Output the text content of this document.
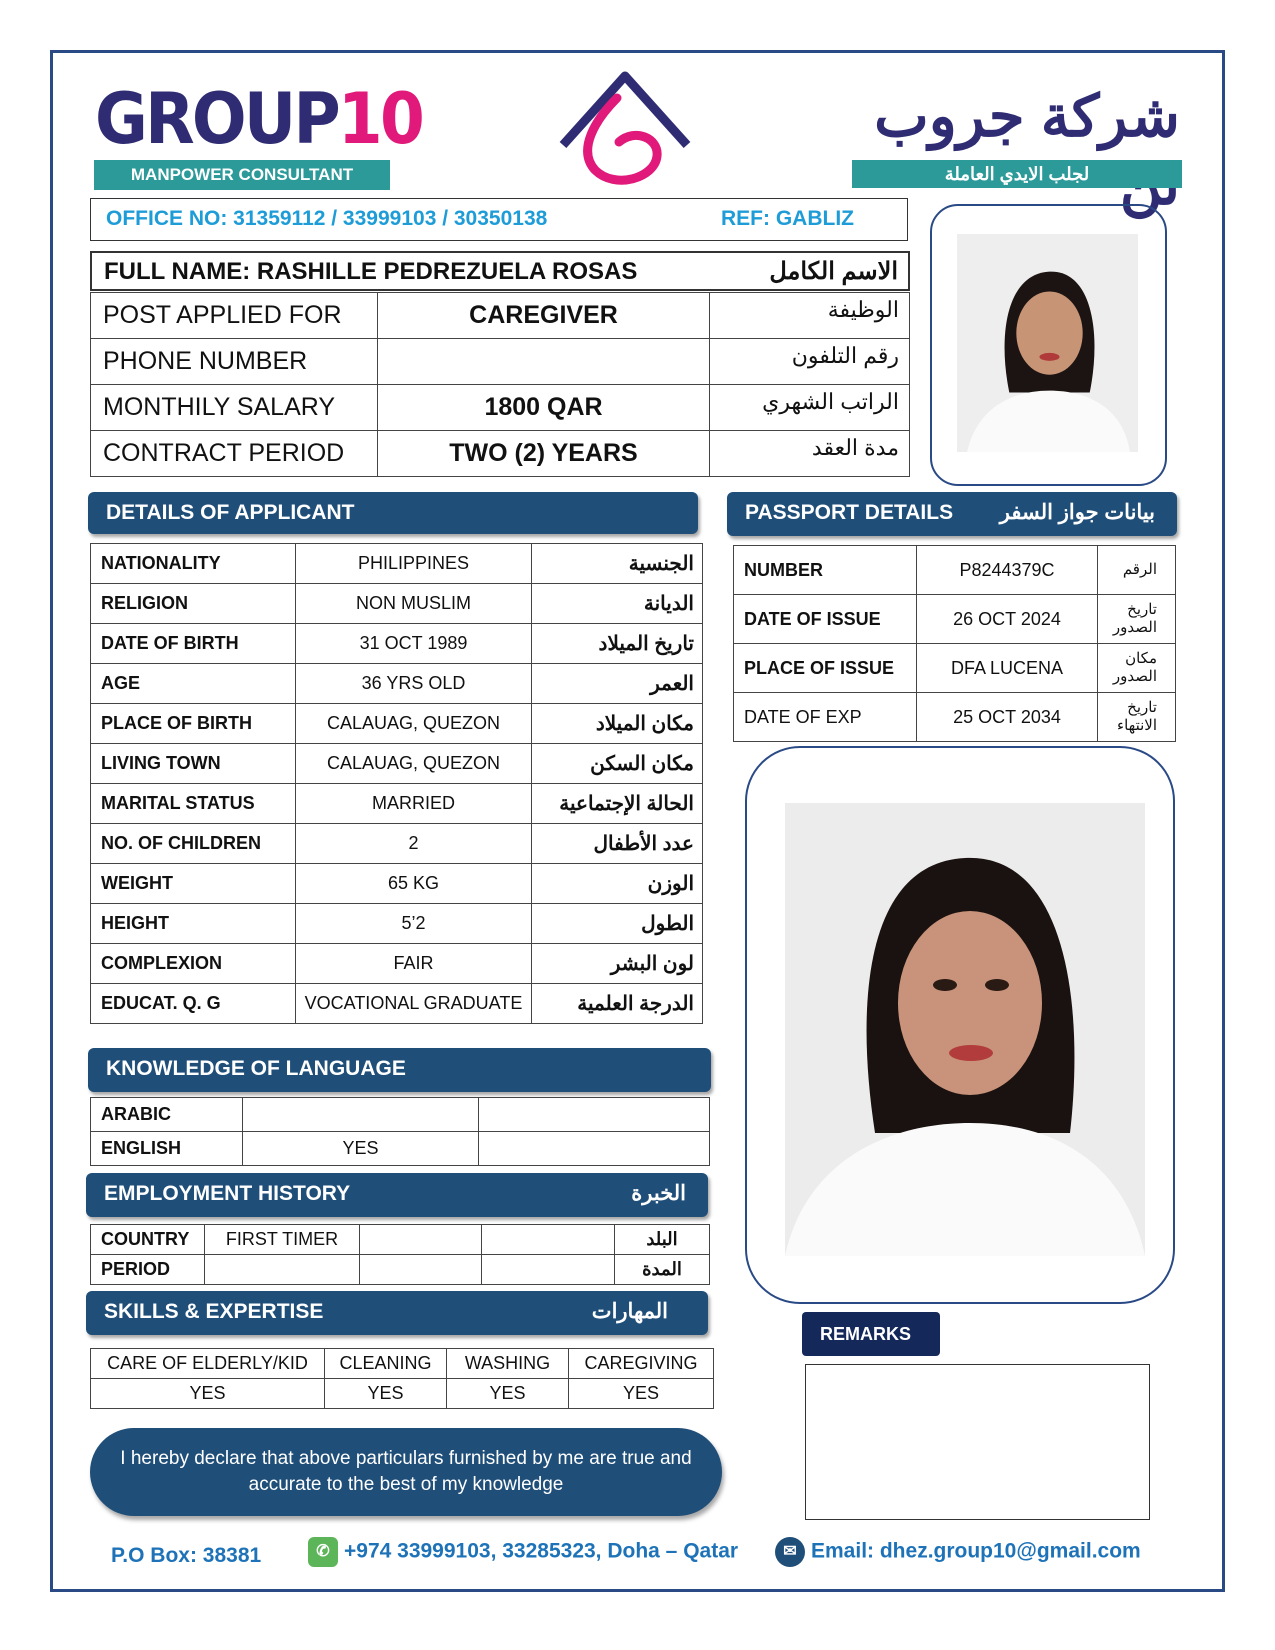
GROUP10
MANPOWER CONSULTANT
شركة جروب
لجلب الايدي العاملة
OFFICE NO: 31359112 / 33999103 / 30350138	REF: GABLIZ
FULL NAME: RASHILLE PEDREZUELA ROSAS	الاسم الكامل
POST APPLIED FOR	CAREGIVER	الوظيفة
PHONE NUMBER		رقم التلفون
MONTHILY SALARY	1800 QAR	الراتب الشهري
CONTRACT PERIOD	TWO (2) YEARS	مدة العقد
DETAILS OF APPLICANT
NATIONALITY	PHILIPPINES	الجنسية
RELIGION	NON MUSLIM	الديانة
DATE OF BIRTH	31 OCT 1989	تاريخ الميلاد
AGE	36 YRS OLD	العمر
PLACE OF BIRTH	CALAUAG, QUEZON	مكان الميلاد
LIVING TOWN	CALAUAG, QUEZON	مكان السكن
MARITAL STATUS	MARRIED	الحالة الإجتماعية
NO. OF CHILDREN	2	عدد الأطفال
WEIGHT	65 KG	الوزن
HEIGHT	5’2	الطول
COMPLEXION	FAIR	لون البشر
EDUCAT. Q. G	VOCATIONAL GRADUATE	الدرجة العلمية
PASSPORT DETAILS بيانات جواز السفر
NUMBER	P8244379C	الرقم
DATE OF ISSUE	26 OCT 2024	تاريخ الصدور
PLACE OF ISSUE	DFA LUCENA	مكان الصدور
DATE OF EXP	25 OCT 2034	تاريخ الانتهاء
KNOWLEDGE OF LANGUAGE
ARABIC		
ENGLISH	YES	
EMPLOYMENT HISTORY	الخبرة
COUNTRY	FIRST TIMER			البلد
PERIOD				المدة
SKILLS & EXPERTISE	المهارات
CARE OF ELDERLY/KID	CLEANING	WASHING	CAREGIVING
YES	YES	YES	YES
REMARKS
I hereby declare that above particulars furnished by me are true and accurate to the best of my knowledge
P.O Box: 38381	✆ +974 33999103, 33285323, Doha – Qatar	✉ Email: dhez.group10@gmail.com
